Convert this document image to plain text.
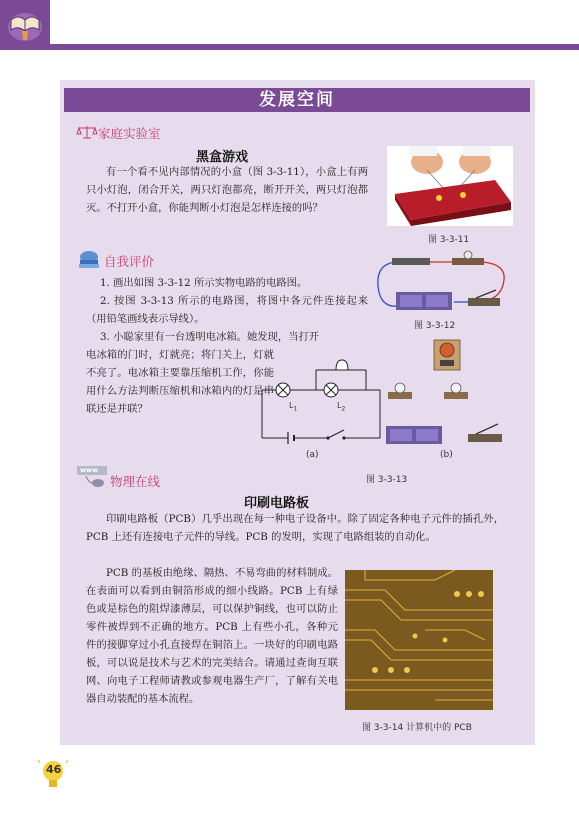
发展空间
家庭实验室
黑盒游戏

有一个看不见内部情况的小盒（图 3-3-11），小盒上有两只小灯泡，闭合开关，两只灯泡都亮，断开开关，两只灯泡都灭。不打开小盒，你能判断小灯泡是怎样连接的吗？

图 3-3-11
自我评价

1. 画出如图 3-3-12 所示实物电路的电路图。

2. 按图 3-3-13 所示的电路图，将图中各元件连接起来（用铅笔画线表示导线）。

3. 小聪家里有一台透明电冰箱。她发现，当打开

电冰箱的门时，灯就亮；将门关上，灯就不亮了。电冰箱主要靠压缩机工作，你能用什么方法判断压缩机和冰箱内的灯是串联还是并联？

图 3-3-12
$L_1$	$L_2$
(a)	(b)
图 3-3-13
www
物理在线
印刷电路板

印刷电路板（PCB）几乎出现在每一种电子设备中。除了固定各种电子元件的插孔外，PCB 上还有连接电子元件的导线。PCB 的发明，实现了电路组装的自动化。

PCB 的基板由绝缘、隔热、不易弯曲的材料制成。在表面可以看到由铜箔形成的细小线路。PCB 上有绿色或是棕色的阻焊漆薄层，可以保护铜线，也可以防止零件被焊到不正确的地方。PCB 上有些小孔，各种元件的接脚穿过小孔直接焊在铜箔上。一块好的印刷电路板，可以说是技术与艺术的完美结合。请通过查询互联网、向电子工程师请教或参观电器生产厂，了解有关电器自动装配的基本流程。

图 3-3-14 计算机中的 PCB
46
